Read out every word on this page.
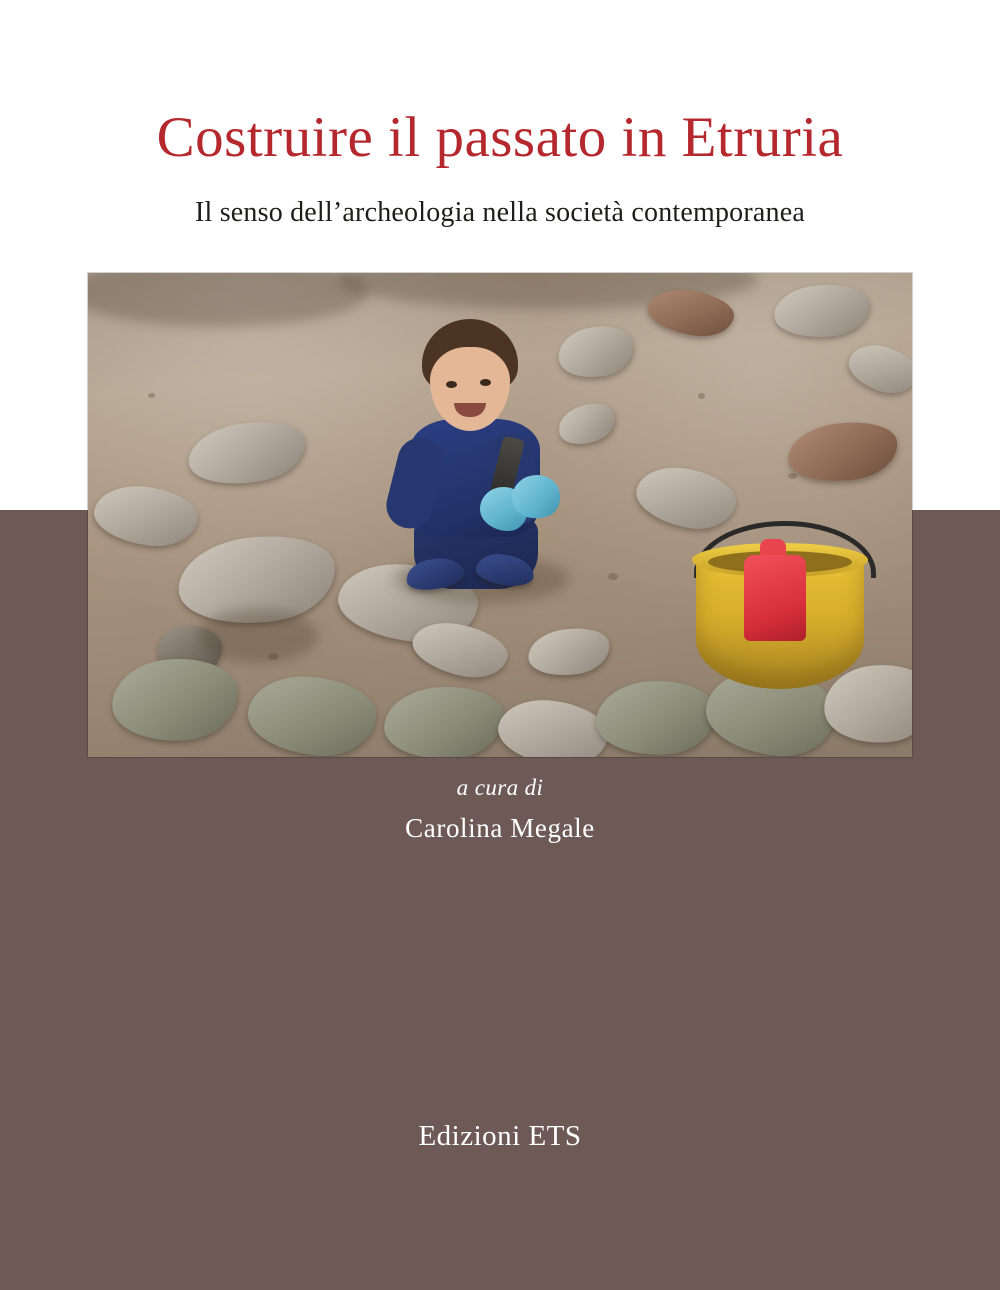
Costruire il passato in Etruria

Il senso dell’archeologia nella società contemporanea

a cura di

Carolina Megale

Edizioni ETS
